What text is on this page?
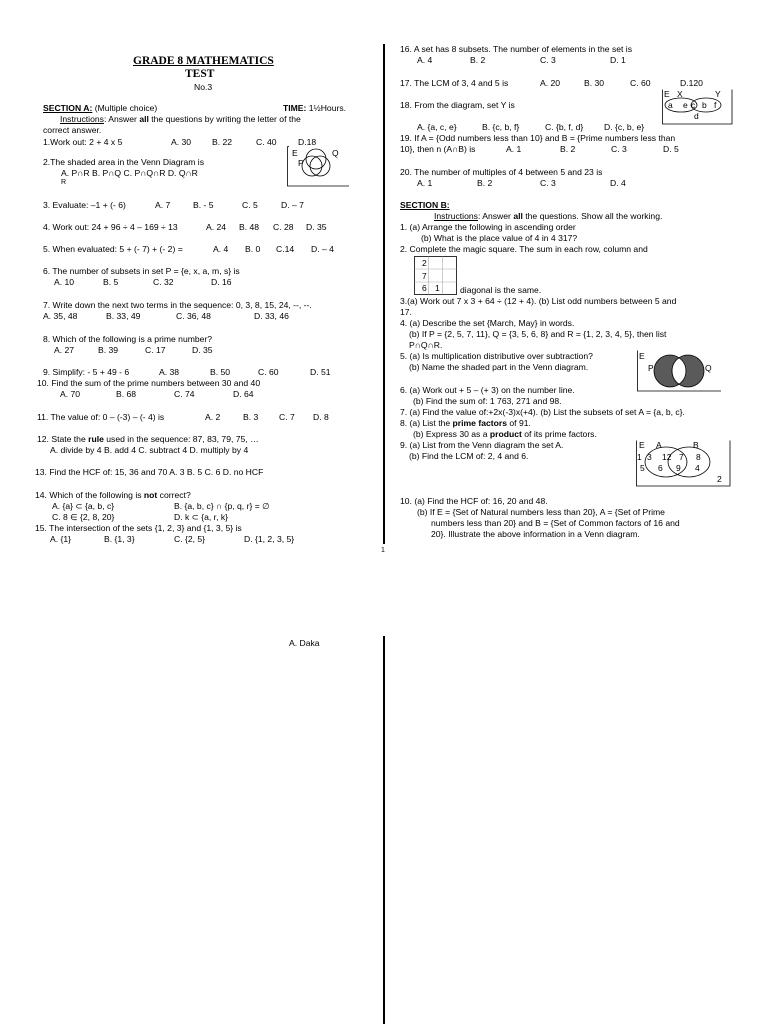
GRADE 8 MATHEMATICS
TEST
No.3
SECTION A: (Multiple choice)	TIME: 1½Hours.
Instructions: Answer all the questions by writing the letter of the
correct answer.
1.Work out: 2 + 4 x 5	A. 30 B. 22	C. 40 D.18
2.The shaded area in the Venn Diagram is
A. P∩R B. P∩Q C. P∩Q∩R D. Q∩R
R
E	Q
P
3. Evaluate: –1 + (- 6)	A. 7	B. - 5	C. 5	D. – 7
4. Work out: 24 + 96 ÷ 4 – 169 ÷ 13	A. 24 B. 48 C. 28 D. 35
5. When evaluated: 5 + (- 7) + (- 2) =	A. 4 B. 0 C.14 D. – 4
6. The number of subsets in set P = {e, x, a, m, s} is
A. 10	B. 5	C. 32	D. 16
7. Write down the next two terms in the sequence: 0, 3, 8, 15, 24, --, --.
A. 35, 48	B. 33, 49	C. 36, 48	D. 33, 46
8. Which of the following is a prime number?
A. 27	B. 39	C. 17	D. 35
9. Simplify: - 5 + 49 - 6	A. 38	B. 50	C. 60	D. 51
10. Find the sum of the prime numbers between 30 and 40
A. 70	B. 68	C. 74	D. 64
11. The value of: 0 – (-3) – (- 4) is	A. 2	B. 3 C. 7 D. 8
12. State the rule used in the sequence: 87, 83, 79, 75, …
A. divide by 4 B. add 4 C. subtract 4 D. multiply by 4
13. Find the HCF of: 15, 36 and 70 A. 3 B. 5 C. 6 D. no HCF
14. Which of the following is not correct?
A. {a} ⊂ {a, b, c}	B. {a, b, c} ∩ {p, q, r} = ∅
C. 8 ∈ {2, 8, 20}	D. k ⊂ {a, r, k}
15. The intersection of the sets {1, 2, 3} and {1, 3, 5} is
A. {1}	B. {1, 3}	C. {2, 5}	D. {1, 2, 3, 5}
1
16. A set has 8 subsets. The number of elements in the set is
A. 4	B. 2	C. 3	D. 1
17. The LCM of 3, 4 and 5 is	A. 20	B. 30	C. 60	D.120
18. From the diagram, set Y is
E X	Y
a e c b f
d
A. {a, c, e}	B. {c, b, f}	C. {b, f, d} D. {c, b, e}
19. If A = {Odd numbers less than 10} and B = {Prime numbers less than
10}, then n (A∩B) is	A. 1	B. 2	C. 3	D. 5
20. The number of multiples of 4 between 5 and 23 is
A. 1	B. 2	C. 3	D. 4
SECTION B:
Instructions: Answer all the questions. Show all the working.
1. (a) Arrange the following in ascending order
(b) What is the place value of 4 in 4 317?
2. Complete the magic square. The sum in each row, column and
2
7
6 1 diagonal is the same.
3.(a) Work out 7 x 3 + 64 ÷ (12 + 4). (b) List odd numbers between 5 and
17.
4. (a) Describe the set {March, May} in words.
(b) If P = {2, 5, 7, 11}, Q = {3, 5, 6, 8} and R = {1, 2, 3, 4, 5}, then list
P∩Q∩R.
5. (a) Is multiplication distributive over subtraction?
(b) Name the shaded part in the Venn diagram.
E
P	Q
6. (a) Work out + 5 – (+ 3) on the number line.
(b) Find the sum of: 1 763, 271 and 98.
7. (a) Find the value of:+2x(-3)x(+4). (b) List the subsets of set A = {a, b, c}.
8. (a) List the prime factors of 91.
(b) Express 30 as a product of its prime factors.
9. (a) List from the Venn diagram the set A.
(b) Find the LCM of: 2, 4 and 6.
E A	B
1 3 12 7 8
5 6 9 4
2
10. (a) Find the HCF of: 16, 20 and 48.
(b) If E = {Set of Natural numbers less than 20}, A = {Set of Prime
numbers less than 20} and B = {Set of Common factors of 16 and
20}. Illustrate the above information in a Venn diagram.
A. Daka
